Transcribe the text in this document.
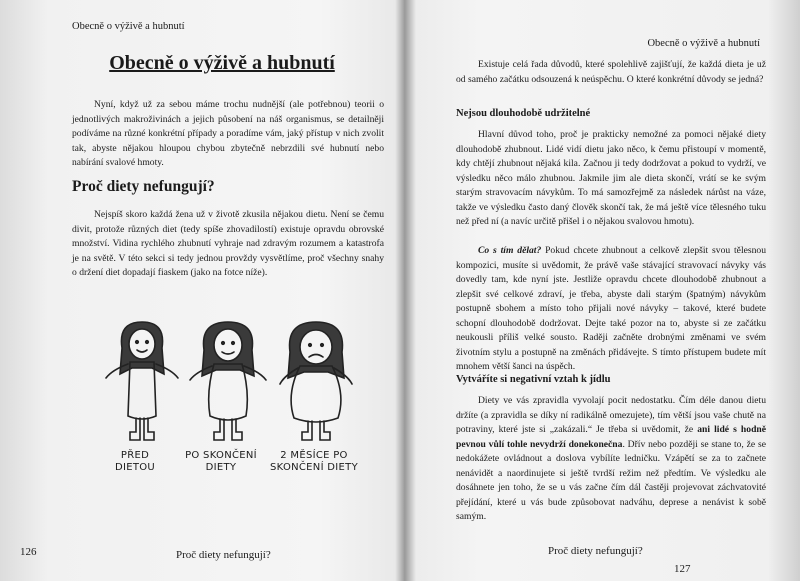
Obecně o výživě a hubnutí
Obecně o výživě a hubnutí

Nyní, když už za sebou máme trochu nudnější (ale potřebnou) teorii o jednotlivých makroživinách a jejich působení na náš organismus, se detailněji podíváme na různé konkrétní případy a poradíme vám, jaký přístup v nich zvolit tak, abyste nějakou hloupou chybou zbytečně nebrzdili své hubnutí nebo nabírání svalové hmoty.

Proč diety nefungují?

Nejspíš skoro každá žena už v životě zkusila nějakou dietu. Není se čemu divit, protože různých diet (tedy spíše zhovadilostí) existuje opravdu obrovské množství. Vidina rychlého zhubnutí vyhraje nad zdravým rozumem a katastrofa je na světě. V této sekci si tedy jednou provždy vysvětlíme, proč všechny snahy o držení diet dopadají fiaskem (jako na fotce níže).

PŘED DIETOU
PO SKONČENÍ DIETY
2 MĚSÍCE PO SKONČENÍ DIETY
126	Proč diety nefungují?
Obecně o výživě a hubnutí

Existuje celá řada důvodů, které spolehlivě zajišťují, že každá dieta je už od samého začátku odsouzená k neúspěchu. O které konkrétní důvody se jedná?

Nejsou dlouhodobě udržitelné

Hlavní důvod toho, proč je prakticky nemožné za pomoci nějaké diety dlouhodobě zhubnout. Lidé vidí dietu jako něco, k čemu přistoupí v momentě, kdy chtějí zhubnout nějaká kila. Začnou ji tedy dodržovat a pokud to vydrží, ve výsledku něco málo zhubnou. Jakmile jim ale dieta skončí, vrátí se ke svým starým stravovacím návykům. To má samozřejmě za následek nárůst na váze, takže ve výsledku často daný člověk skončí tak, že má ještě více tělesného tuku než před ní (a navíc určitě přišel i o nějakou svalovou hmotu).

Co s tím dělat? Pokud chcete zhubnout a celkově zlepšit svou tělesnou kompozici, musíte si uvědomit, že právě vaše stávající stravovací návyky vás dovedly tam, kde nyní jste. Jestliže opravdu chcete dlouhodobě zhubnout a zlepšit své celkové zdraví, je třeba, abyste dali starým (špatným) návykům postupně sbohem a místo toho přijali nové návyky – takové, které budete schopní dlouhodobě dodržovat. Dejte také pozor na to, abyste si ze začátku neukousli příliš velké sousto. Raději začněte drobnými změnami ve svém životním stylu a postupně na změnách přidávejte. S tímto přístupem budete mít mnohem větší šanci na úspěch.

Vytváříte si negativní vztah k jídlu

Diety ve vás zpravidla vyvolají pocit nedostatku. Čím déle danou dietu držíte (a zpravidla se díky ní radikálně omezujete), tím větší jsou vaše chutě na potraviny, které jste si „zakázali.“ Je třeba si uvědomit, že ani lidé s hodně pevnou vůlí tohle nevydrží donekonečna. Dřív nebo později se stane to, že se nedokážete ovládnout a doslova vybílíte ledničku. Vzápětí se za to začnete nenávidět a naordinujete si ještě tvrdší režim než předtím. Ve výsledku ale dosáhnete jen toho, že se u vás začne čím dál častěji projevovat záchvatovité přejídání, které u vás bude způsobovat nadváhu, deprese a nenávist k sobě samým.

Proč diety nefungují?
127
